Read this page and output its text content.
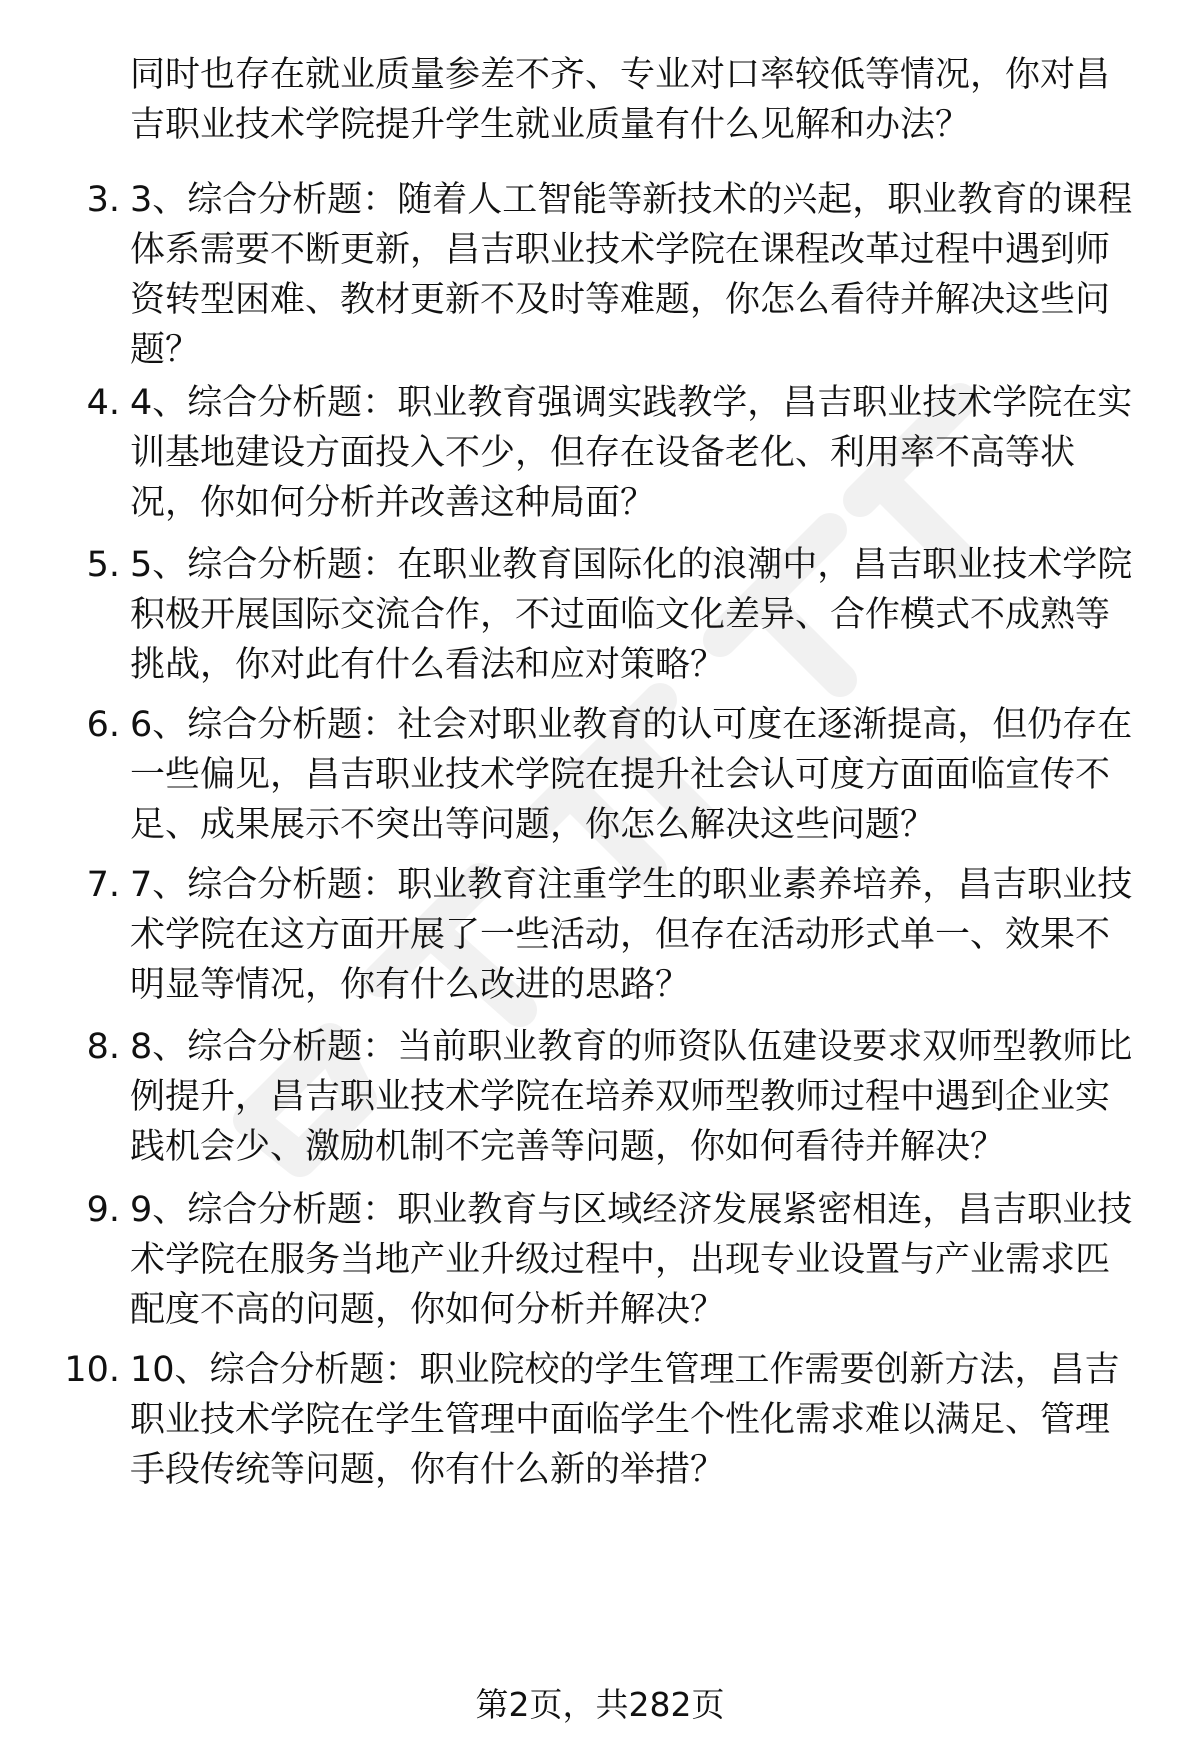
同时也存在就业质量参差不齐、专业对口率较低等情况，你对昌
吉职业技术学院提升学生就业质量有什么见解和办法？
3. 3、综合分析题：随着人工智能等新技术的兴起，职业教育的课程
体系需要不断更新，昌吉职业技术学院在课程改革过程中遇到师
资转型困难、教材更新不及时等难题，你怎么看待并解决这些问
题？
4. 4、综合分析题：职业教育强调实践教学，昌吉职业技术学院在实
训基地建设方面投入不少，但存在设备老化、利用率不高等状
况，你如何分析并改善这种局面？
5. 5、综合分析题：在职业教育国际化的浪潮中，昌吉职业技术学院
积极开展国际交流合作，不过面临文化差异、合作模式不成熟等
挑战，你对此有什么看法和应对策略？
6. 6、综合分析题：社会对职业教育的认可度在逐渐提高，但仍存在
一些偏见，昌吉职业技术学院在提升社会认可度方面面临宣传不
足、成果展示不突出等问题，你怎么解决这些问题？
7. 7、综合分析题：职业教育注重学生的职业素养培养，昌吉职业技
术学院在这方面开展了一些活动，但存在活动形式单一、效果不
明显等情况，你有什么改进的思路？
8. 8、综合分析题：当前职业教育的师资队伍建设要求双师型教师比
例提升，昌吉职业技术学院在培养双师型教师过程中遇到企业实
践机会少、激励机制不完善等问题，你如何看待并解决？
9. 9、综合分析题：职业教育与区域经济发展紧密相连，昌吉职业技
术学院在服务当地产业升级过程中，出现专业设置与产业需求匹
配度不高的问题，你如何分析并解决？
10. 10、综合分析题：职业院校的学生管理工作需要创新方法，昌吉
职业技术学院在学生管理中面临学生个性化需求难以满足、管理
手段传统等问题，你有什么新的举措？
第2页，共282页
